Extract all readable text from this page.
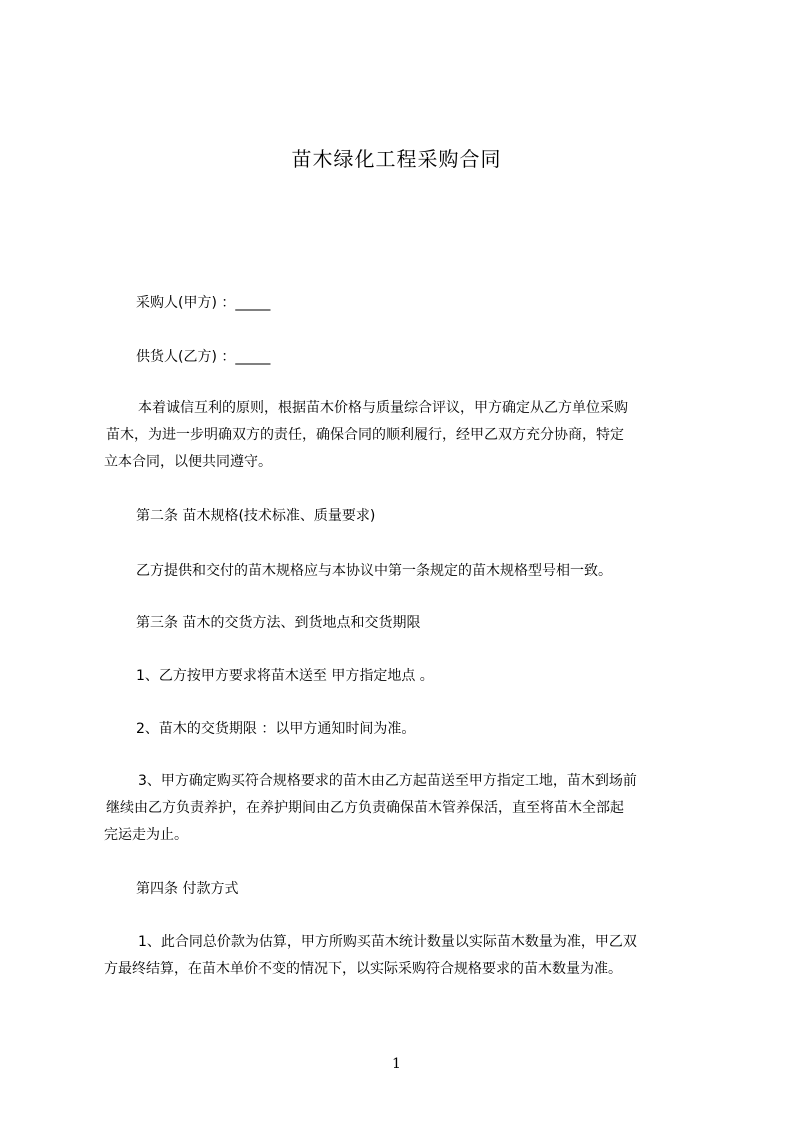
苗木绿化工程采购合同
采购人(甲方) ：_____
供货人(乙方) ：_____
本着诚信互利的原则，根据苗木价格与质量综合评议，甲方确定从乙方单位采购
苗木，为进一步明确双方的责任，确保合同的顺利履行，经甲乙双方充分协商，特定
立本合同，以便共同遵守。
第二条 苗木规格(技术标准、质量要求)
乙方提供和交付的苗木规格应与本协议中第一条规定的苗木规格型号相一致。
第三条 苗木的交货方法、到货地点和交货期限
1、乙方按甲方要求将苗木送至 甲方指定地点 。
2、苗木的交货期限 ：以甲方通知时间为准。
3、甲方确定购买符合规格要求的苗木由乙方起苗送至甲方指定工地，苗木到场前
继续由乙方负责养护，在养护期间由乙方负责确保苗木管养保活，直至将苗木全部起
完运走为止。
第四条 付款方式
1、此合同总价款为估算，甲方所购买苗木统计数量以实际苗木数量为准，甲乙双
方最终结算，在苗木单价不变的情况下，以实际采购符合规格要求的苗木数量为准。
1
